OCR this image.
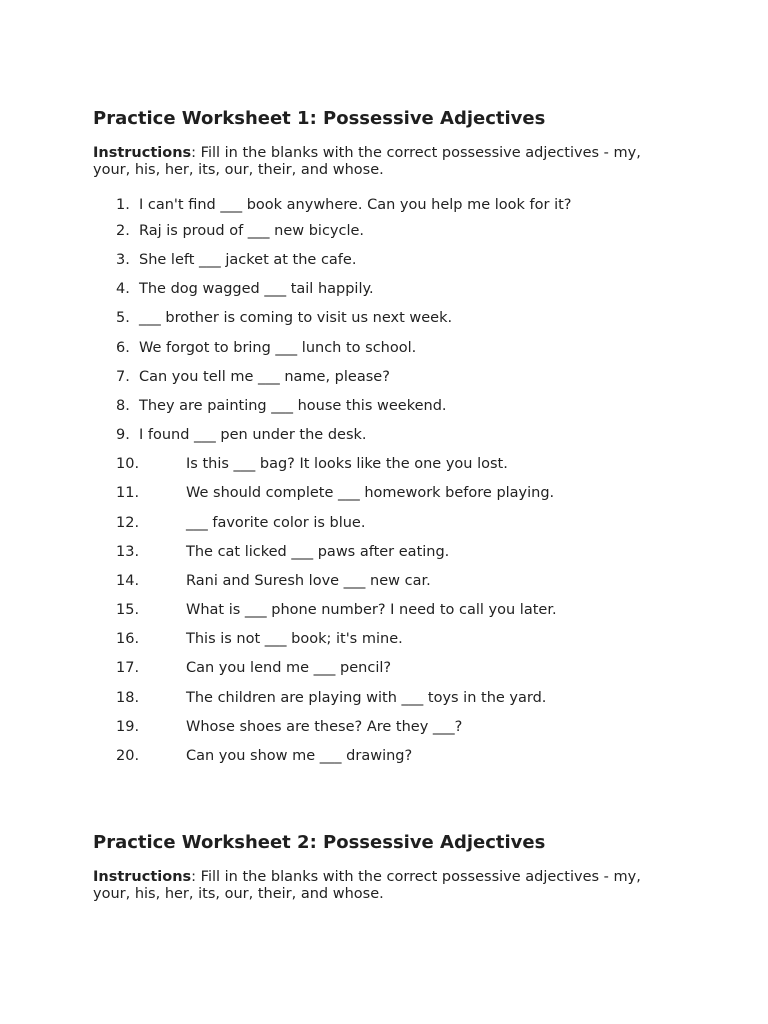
Practice Worksheet 1: Possessive Adjectives
Instructions: Fill in the blanks with the correct possessive adjectives - my, your, his, her, its, our, their, and whose.
1. I can't find ___ book anywhere. Can you help me look for it?
2. Raj is proud of ___ new bicycle.
3. She left ___ jacket at the cafe.
4. The dog wagged ___ tail happily.
5. ___ brother is coming to visit us next week.
6. We forgot to bring ___ lunch to school.
7. Can you tell me ___ name, please?
8. They are painting ___ house this weekend.
9. I found ___ pen under the desk.
10.	Is this ___ bag? It looks like the one you lost.
11.	We should complete ___ homework before playing.
12.	___ favorite color is blue.
13.	The cat licked ___ paws after eating.
14.	Rani and Suresh love ___ new car.
15.	What is ___ phone number? I need to call you later.
16.	This is not ___ book; it's mine.
17.	Can you lend me ___ pencil?
18.	The children are playing with ___ toys in the yard.
19.	Whose shoes are these? Are they ___?
20.	Can you show me ___ drawing?
Practice Worksheet 2: Possessive Adjectives
Instructions: Fill in the blanks with the correct possessive adjectives - my, your, his, her, its, our, their, and whose.
